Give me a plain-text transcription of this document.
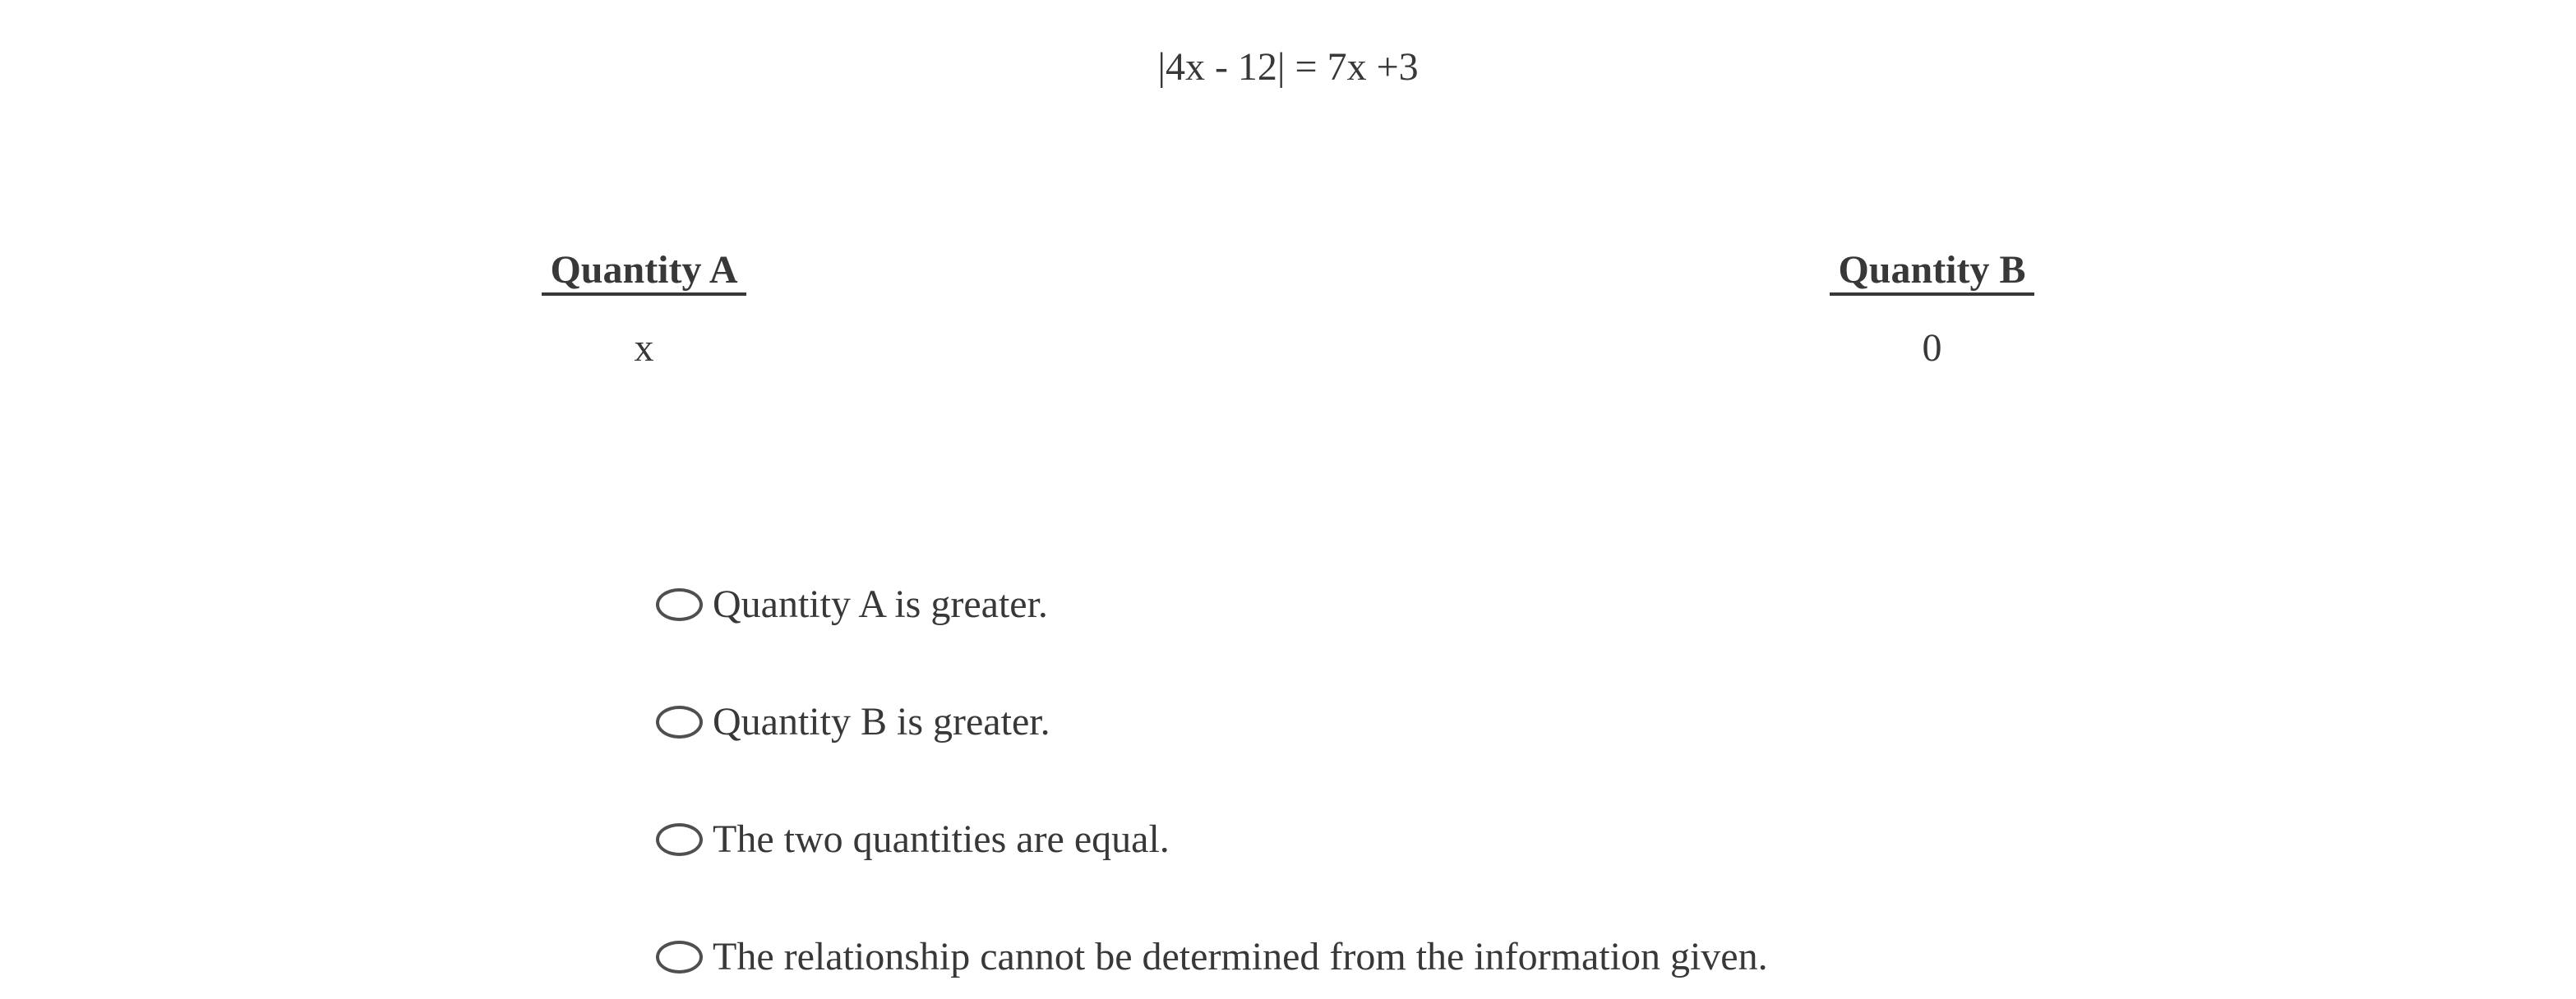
|4x - 12| = 7x +3
Quantity A	Quantity B
x	0
Quantity A is greater.
Quantity B is greater.
The two quantities are equal.
The relationship cannot be determined from the information given.
